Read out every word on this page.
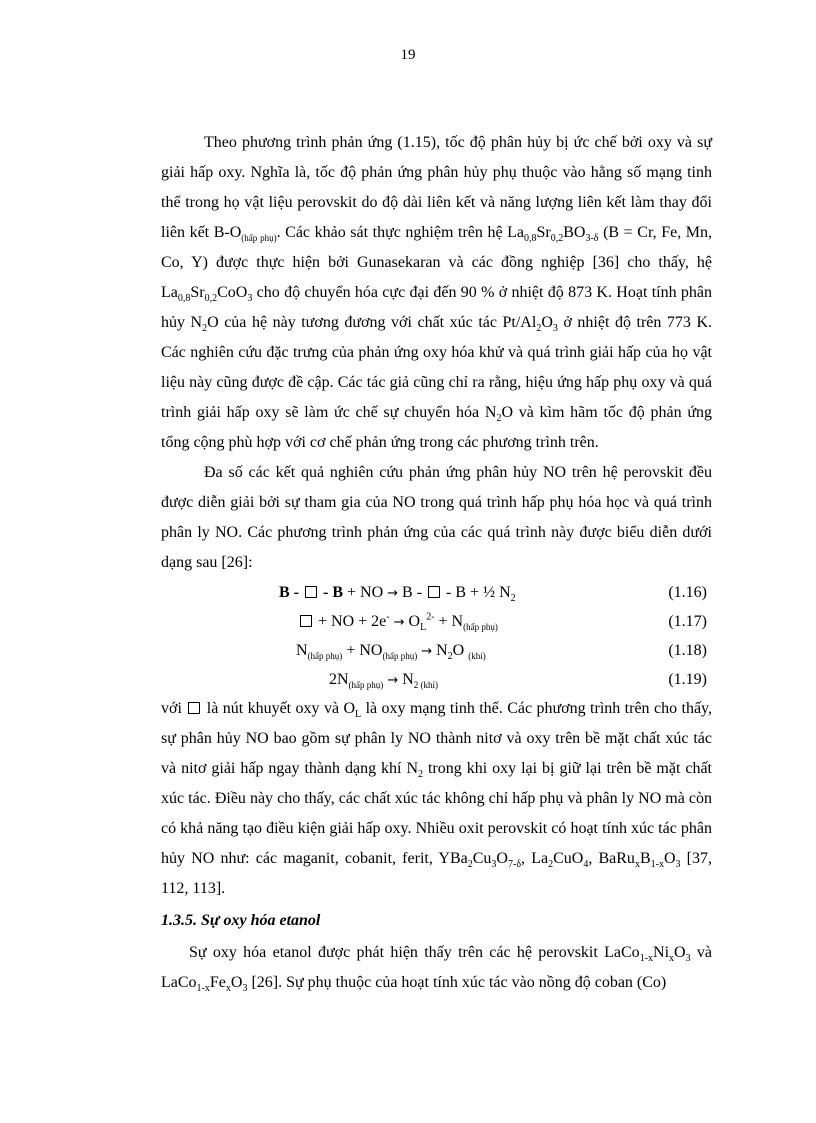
19

Theo phương trình phản ứng (1.15), tốc độ phân hủy bị ức chế bởi oxy và sự giải hấp oxy. Nghĩa là, tốc độ phản ứng phân hủy phụ thuộc vào hằng số mạng tinh thể trong họ vật liệu perovskit do độ dài liên kết và năng lượng liên kết làm thay đổi liên kết $B-O_{(hấp phụ)}$. Các khảo sát thực nghiệm trên hệ $La_{0,8}Sr_{0,2}BO_{3-\delta}$ (B = Cr, Fe, Mn, Co, Y) được thực hiện bởi Gunasekaran và các đồng nghiệp [36] cho thấy, hệ $La_{0,8}Sr_{0,2}CoO_3$ cho độ chuyển hóa cực đại đến 90 % ở nhiệt độ 873 K. Hoạt tính phân hủy $N_2O$ của hệ này tương đương với chất xúc tác $Pt/Al_2O_3$ ở nhiệt độ trên 773 K. Các nghiên cứu đặc trưng của phản ứng oxy hóa khử và quá trình giải hấp của họ vật liệu này cũng được đề cập. Các tác giả cũng chỉ ra rằng, hiệu ứng hấp phụ oxy và quá trình giải hấp oxy sẽ làm ức chế sự chuyển hóa $N_2O$ và kìm hãm tốc độ phản ứng tổng cộng phù hợp với cơ chế phản ứng trong các phương trình trên.

Đa số các kết quả nghiên cứu phản ứng phân hủy NO trên hệ perovskit đều được diễn giải bởi sự tham gia của NO trong quá trình hấp phụ hóa học và quá trình phân ly NO. Các phương trình phản ứng của các quá trình này được biểu diễn dưới dạng sau [26]:

B -  - B + NO → B -  - B + ½ $N_2$	(1.16)
+ NO + $2e^- \to O_L^{2-} + N_{(hấp phụ)}$	(1.17)
$N_{(hấp phụ)} + NO_{(hấp phụ)} \to N_2O$ $_{(khí)}$	(1.18)
$2N_{(hấp phụ)} \to N_{2 (khí)}$	(1.19)

với  là nút khuyết oxy và $O_L$ là oxy mạng tinh thể. Các phương trình trên cho thấy, sự phân hủy NO bao gồm sự phân ly NO thành nitơ và oxy trên bề mặt chất xúc tác và nitơ giải hấp ngay thành dạng khí $N_2$ trong khi oxy lại bị giữ lại trên bề mặt chất xúc tác. Điều này cho thấy, các chất xúc tác không chỉ hấp phụ và phân ly NO mà còn có khả năng tạo điều kiện giải hấp oxy. Nhiều oxit perovskit có hoạt tính xúc tác phân hủy NO như: các maganit, cobanit, ferit, $YBa_2Cu_3O_{7-\delta}$, $La_2CuO_4$, $BaRu_xB_{1-x}O_3$ [37, 112, 113].

1.3.5. Sự oxy hóa etanol

Sự oxy hóa etanol được phát hiện thấy trên các hệ perovskit $LaCo_{1-x}Ni_xO_3$ và $LaCo_{1-x}Fe_xO_3$ [26]. Sự phụ thuộc của hoạt tính xúc tác vào nồng độ coban (Co)
